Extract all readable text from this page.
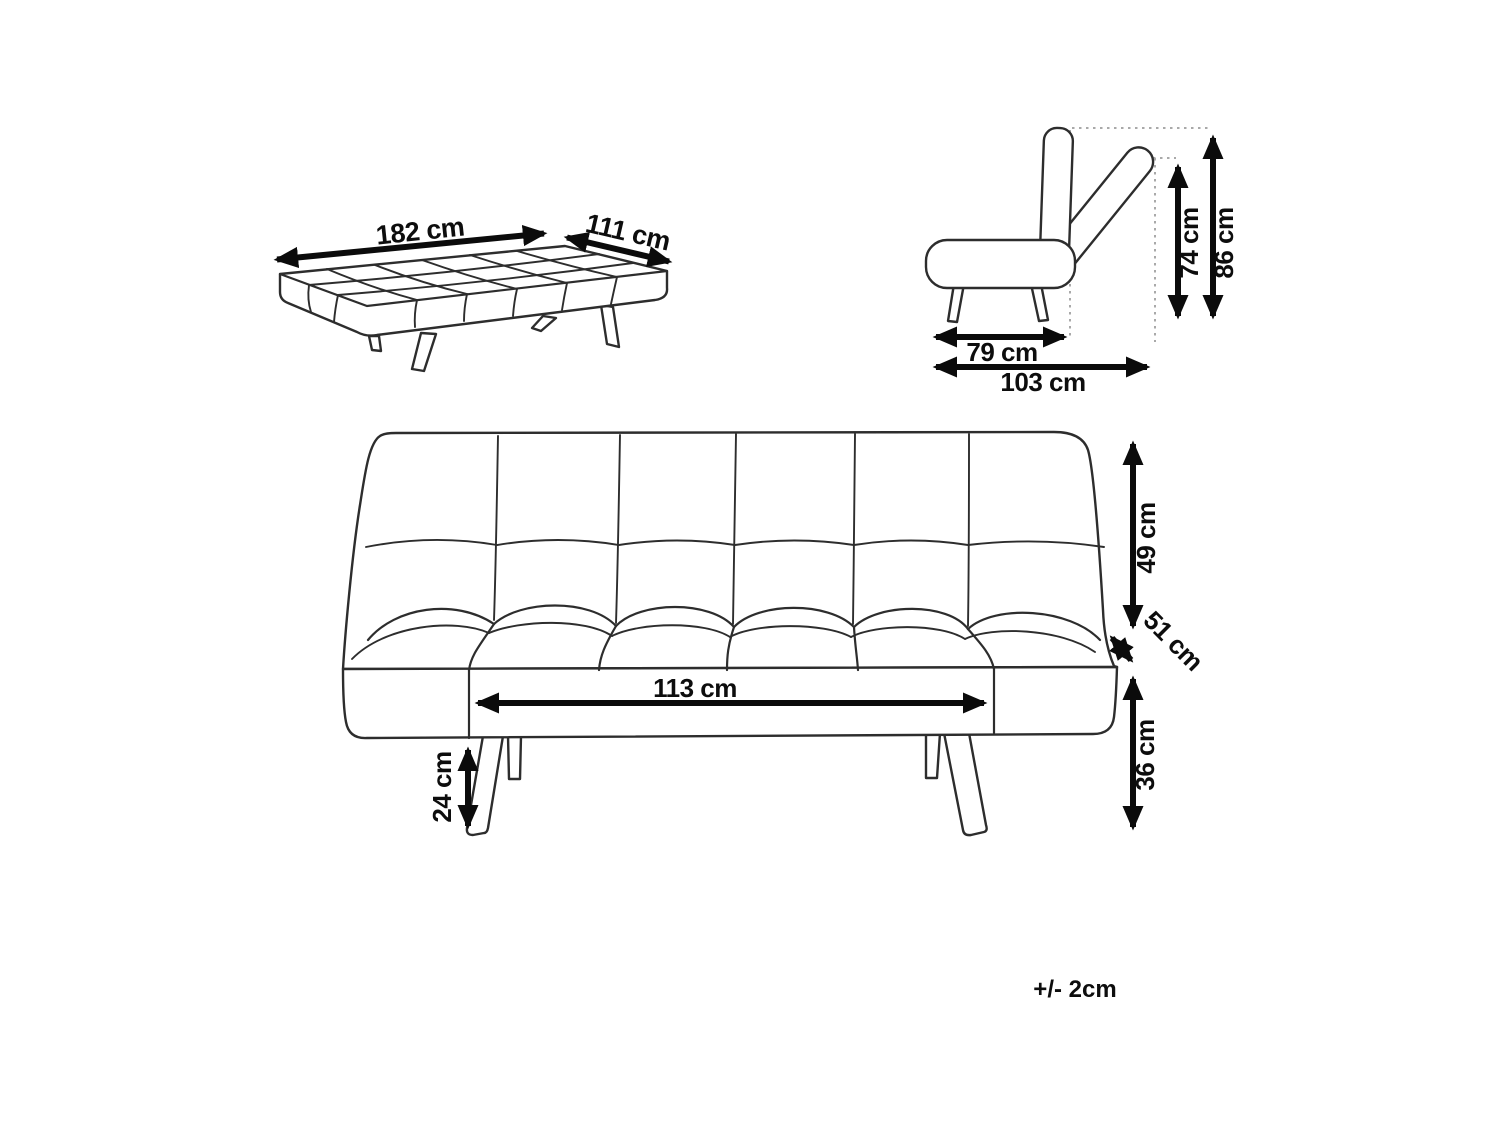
182 cm	111 cm
79 cm
103 cm
74 cm 86 cm
49 cm
51 cm
113 cm
24 cm	36 cm
+/- 2cm
